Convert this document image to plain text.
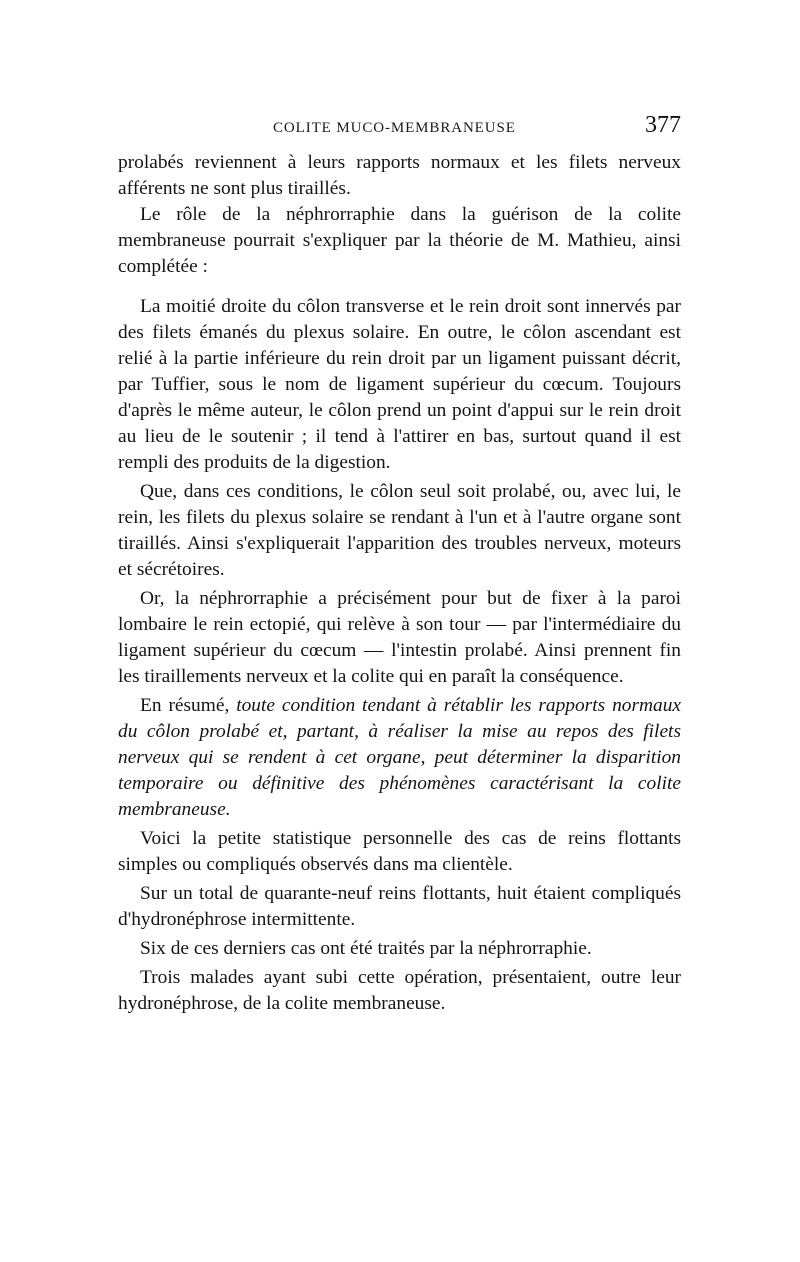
COLITE MUCO-MEMBRANEUSE	377

prolabés reviennent à leurs rapports normaux et les filets nerveux afférents ne sont plus tiraillés.

Le rôle de la néphrorraphie dans la guérison de la colite membraneuse pourrait s'expliquer par la théorie de M. Mathieu, ainsi complétée :

La moitié droite du côlon transverse et le rein droit sont innervés par des filets émanés du plexus solaire. En outre, le côlon ascendant est relié à la partie inférieure du rein droit par un ligament puissant décrit, par Tuffier, sous le nom de ligament supérieur du cœcum. Toujours d'après le même auteur, le côlon prend un point d'appui sur le rein droit au lieu de le soutenir ; il tend à l'attirer en bas, surtout quand il est rempli des produits de la digestion.

Que, dans ces conditions, le côlon seul soit prolabé, ou, avec lui, le rein, les filets du plexus solaire se rendant à l'un et à l'autre organe sont tiraillés. Ainsi s'expliquerait l'apparition des troubles nerveux, moteurs et sécrétoires.

Or, la néphrorraphie a précisément pour but de fixer à la paroi lombaire le rein ectopié, qui relève à son tour — par l'intermédiaire du ligament supérieur du cœcum — l'intestin prolabé. Ainsi prennent fin les tiraillements nerveux et la colite qui en paraît la conséquence.

En résumé, toute condition tendant à rétablir les rapports normaux du côlon prolabé et, partant, à réaliser la mise au repos des filets nerveux qui se rendent à cet organe, peut déterminer la disparition temporaire ou définitive des phénomènes caractérisant la colite membraneuse.

Voici la petite statistique personnelle des cas de reins flottants simples ou compliqués observés dans ma clientèle.

Sur un total de quarante-neuf reins flottants, huit étaient compliqués d'hydronéphrose intermittente.

Six de ces derniers cas ont été traités par la néphrorraphie.

Trois malades ayant subi cette opération, présentaient, outre leur hydronéphrose, de la colite membraneuse.
